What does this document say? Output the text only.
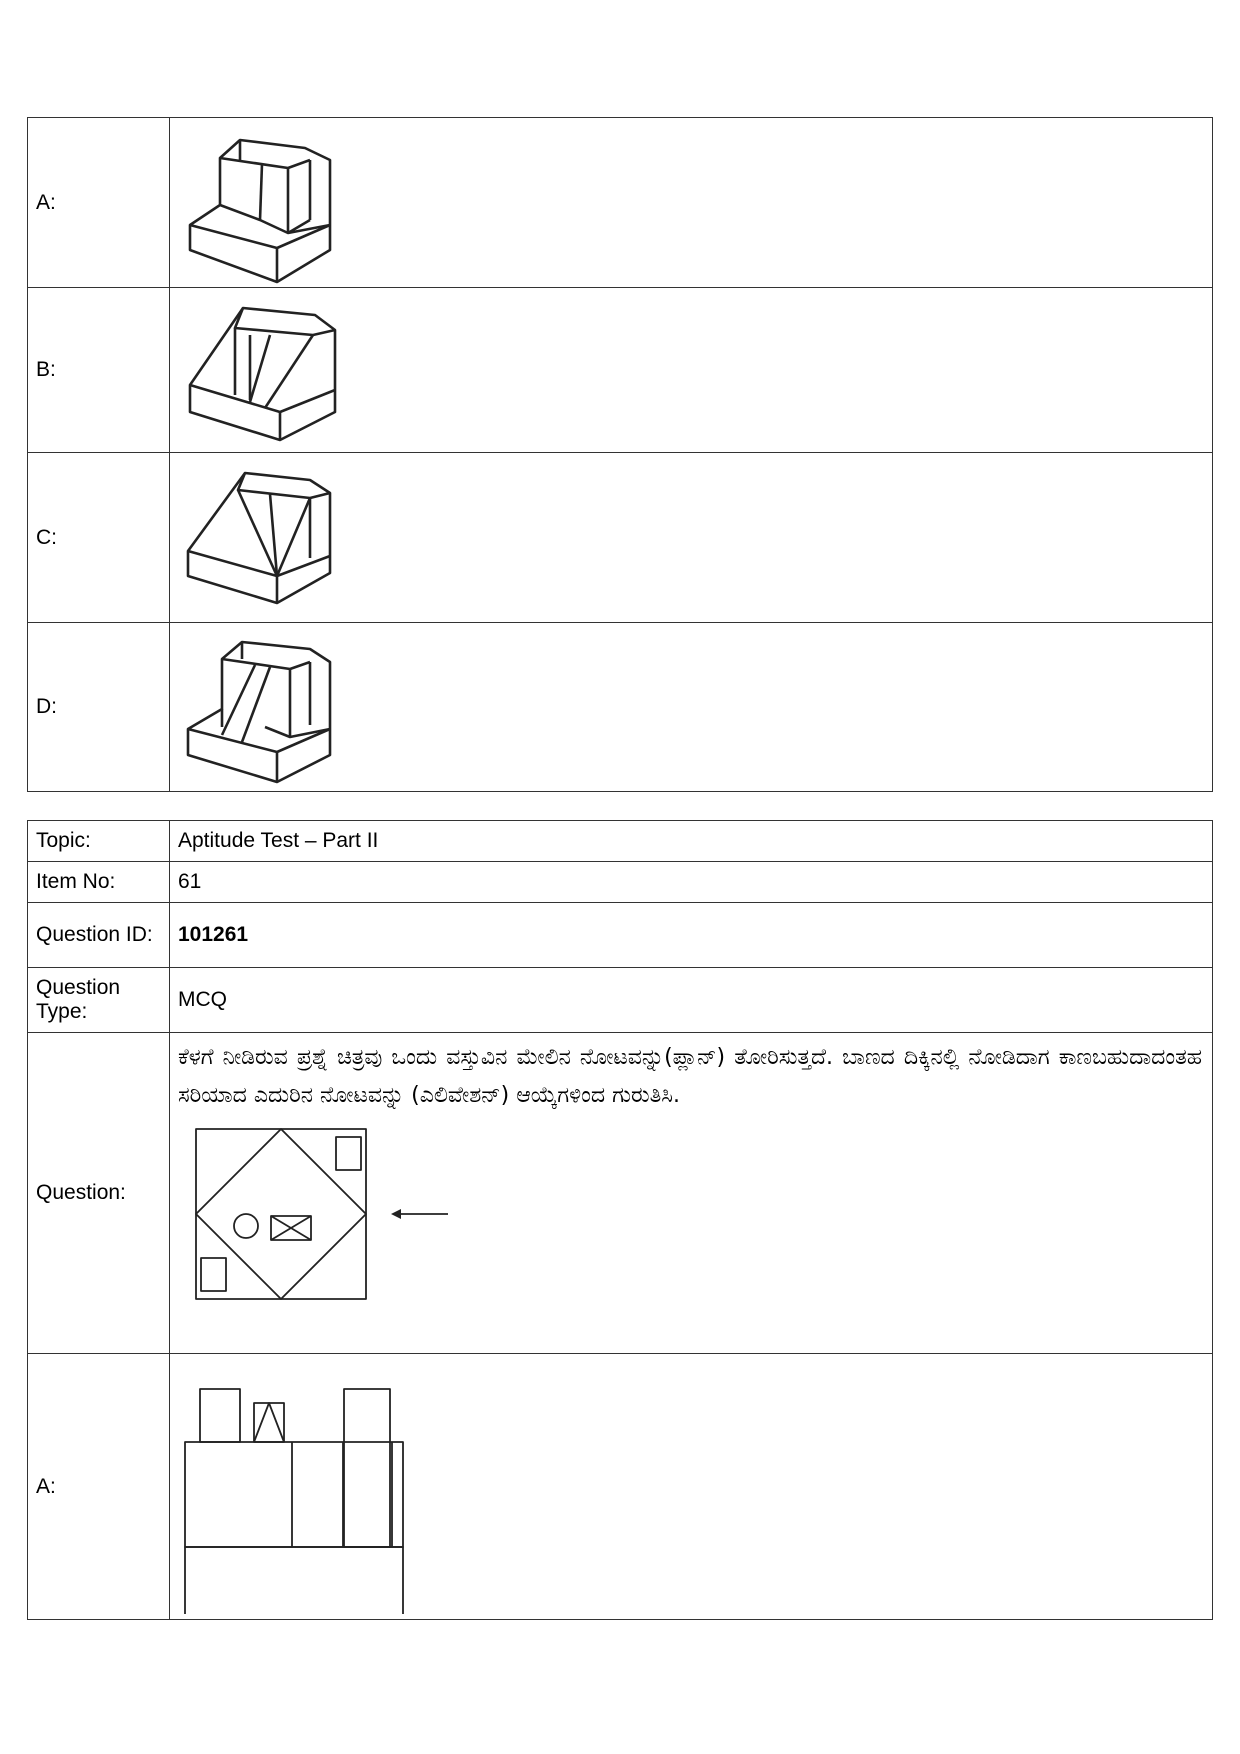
A:	

B:	

C:	

D:	
Topic:	Aptitude Test – Part II
Item No:	61
Question ID:	101261
Question Type:	MCQ
Question:	ಕೆಳಗೆ ನೀಡಿರುವ ಪ್ರಶ್ನೆ ಚಿತ್ರವು ಒಂದು ವಸ್ತುವಿನ ಮೇಲಿನ ನೋಟವನ್ನು(ಪ್ಲಾನ್) ತೋರಿಸುತ್ತದೆ. ಬಾಣದ ದಿಕ್ಕಿನಲ್ಲಿ ನೋಡಿದಾಗ ಕಾಣಬಹುದಾದಂತಹ ಸರಿಯಾದ ಎದುರಿನ ನೋಟವನ್ನು (ಎಲಿವೇಶನ್) ಆಯ್ಕೆಗಳಿಂದ ಗುರುತಿಸಿ.

A:	
